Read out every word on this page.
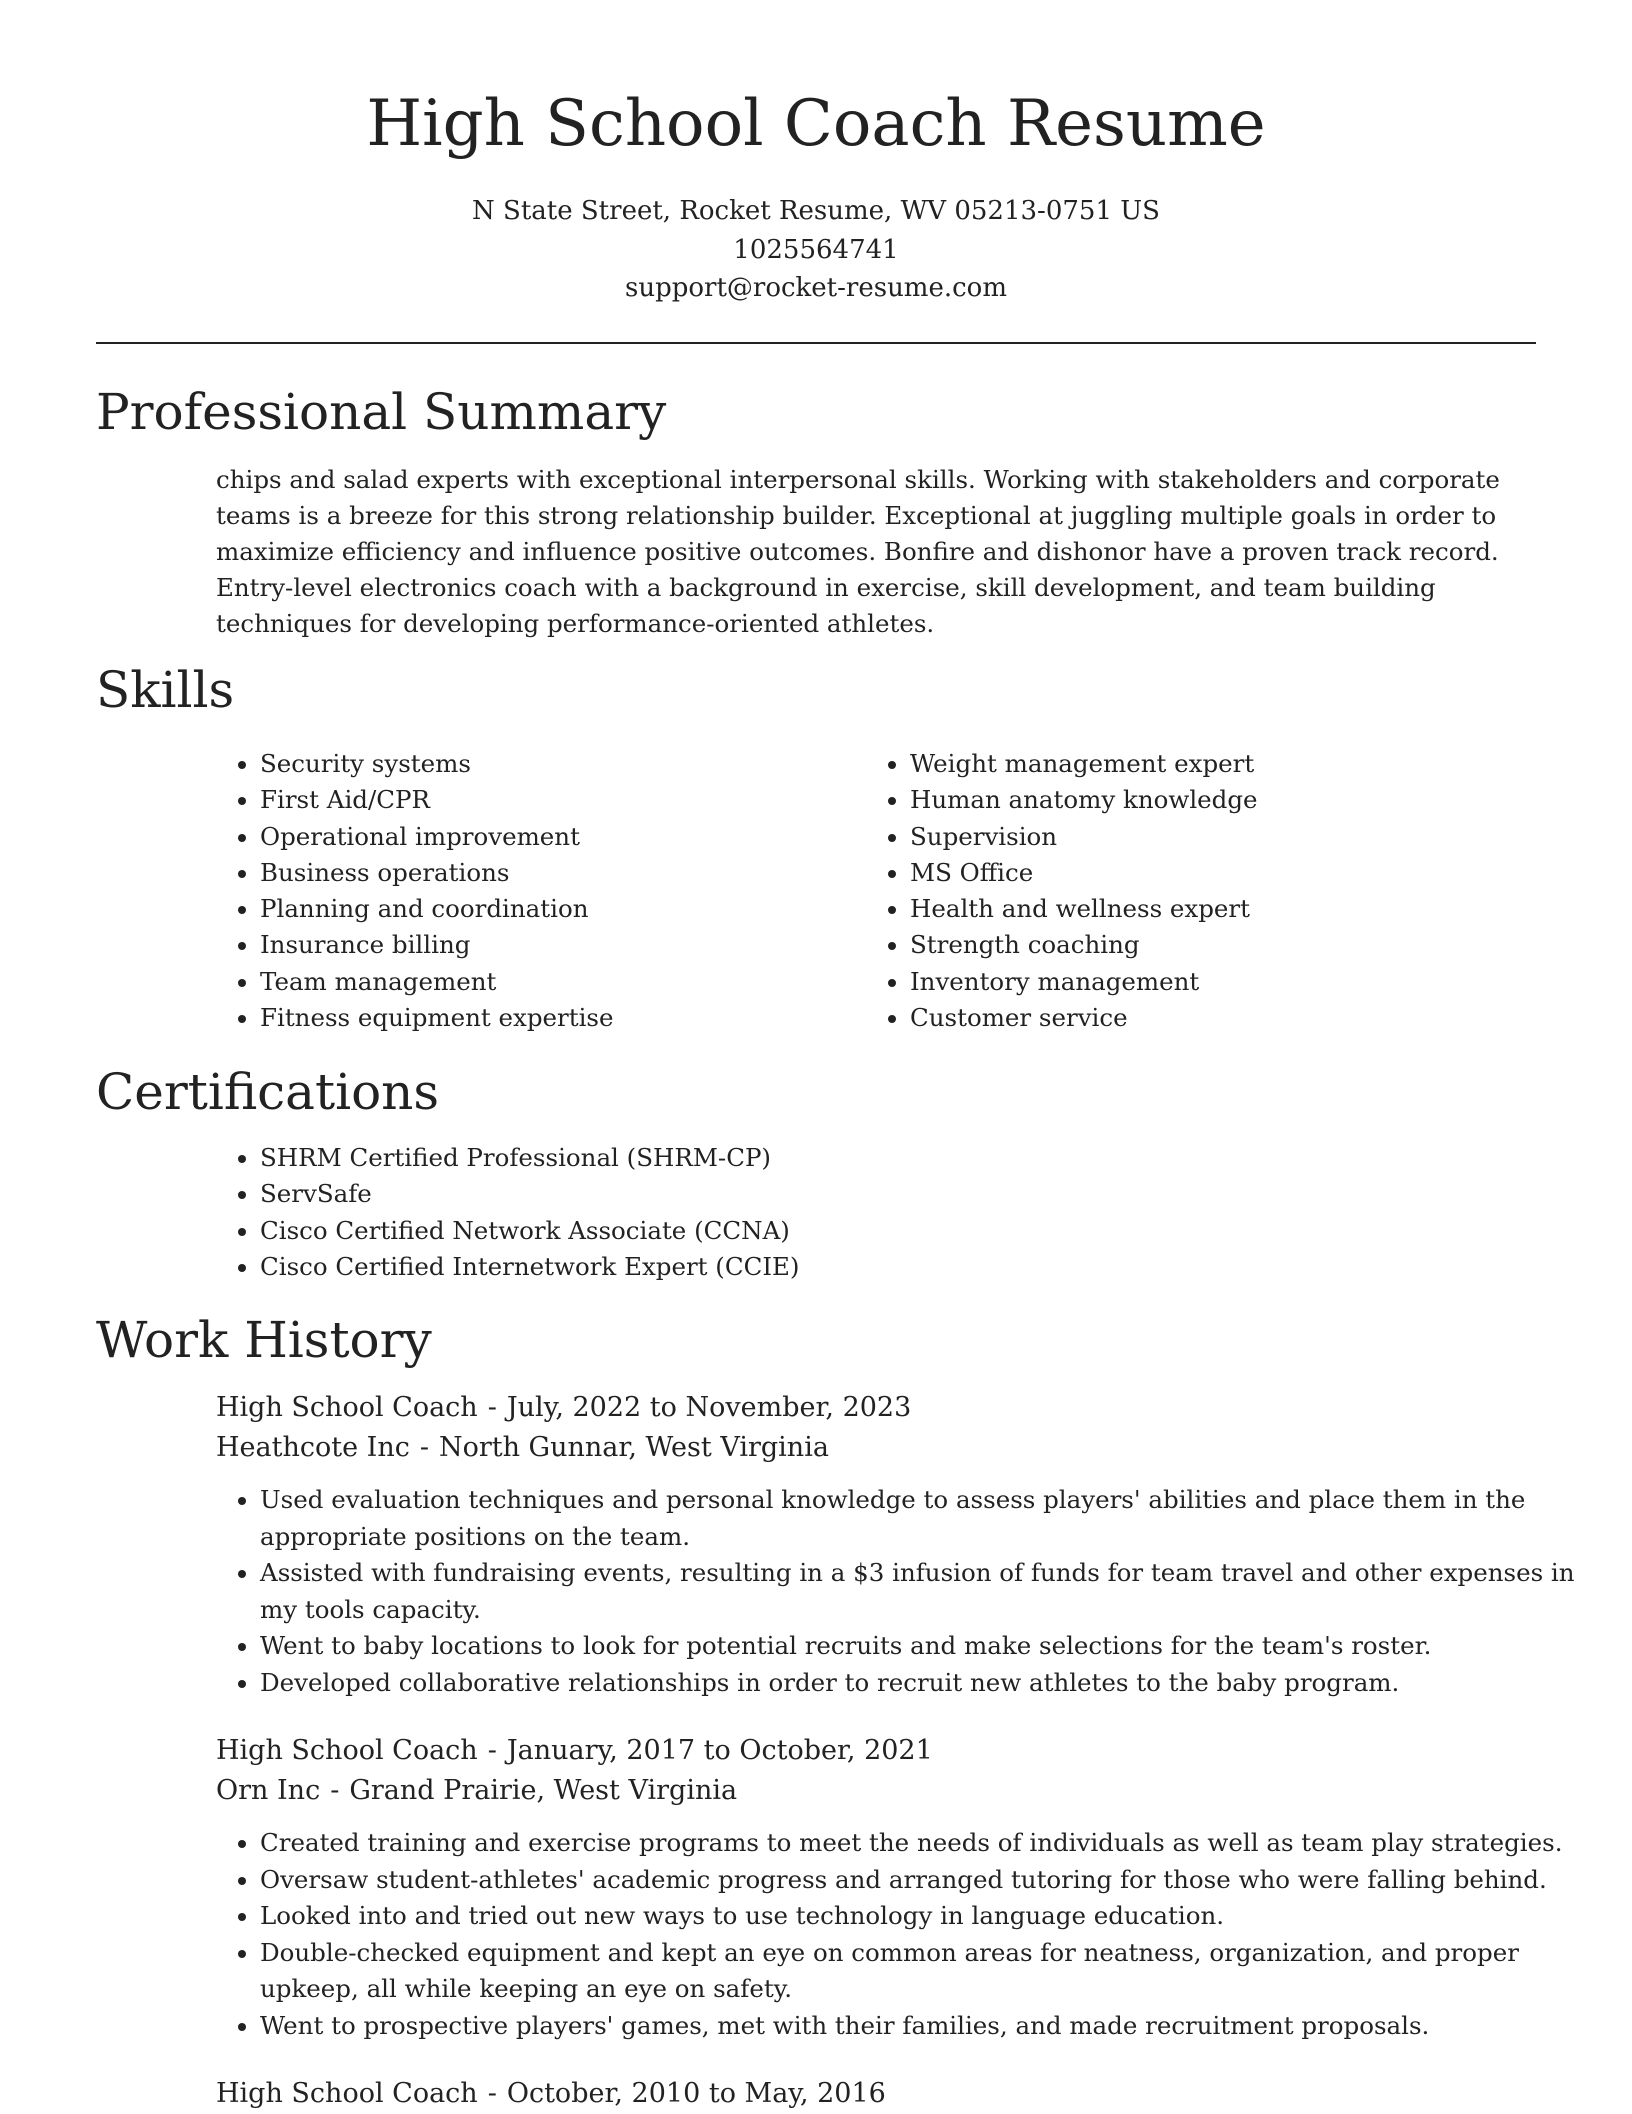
High School Coach Resume
N State Street, Rocket Resume, WV 05213-0751 US
1025564741
support@rocket-resume.com
Professional Summary

chips and salad experts with exceptional interpersonal skills. Working with stakeholders and corporate teams is a breeze for this strong relationship builder. Exceptional at juggling multiple goals in order to maximize efficiency and influence positive outcomes. Bonfire and dishonor have a proven track record. Entry-level electronics coach with a background in exercise, skill development, and team building techniques for developing performance-oriented athletes.

Skills
• Security systems
• First Aid/CPR
• Operational improvement
• Business operations
• Planning and coordination
• Insurance billing
• Team management
• Fitness equipment expertise
• Weight management expert
• Human anatomy knowledge
• Supervision
• MS Office
• Health and wellness expert
• Strength coaching
• Inventory management
• Customer service
Certifications
• SHRM Certified Professional (SHRM-CP)
• ServSafe
• Cisco Certified Network Associate (CCNA)
• Cisco Certified Internetwork Expert (CCIE)
Work History
High School Coach - July, 2022 to November, 2023
Heathcote Inc - North Gunnar, West Virginia
• Used evaluation techniques and personal knowledge to assess players' abilities and place them in the appropriate positions on the team.
• Assisted with fundraising events, resulting in a $3 infusion of funds for team travel and other expenses in my tools capacity.
• Went to baby locations to look for potential recruits and make selections for the team's roster.
• Developed collaborative relationships in order to recruit new athletes to the baby program.
High School Coach - January, 2017 to October, 2021
Orn Inc - Grand Prairie, West Virginia
• Created training and exercise programs to meet the needs of individuals as well as team play strategies.
• Oversaw student-athletes' academic progress and arranged tutoring for those who were falling behind.
• Looked into and tried out new ways to use technology in language education.
• Double-checked equipment and kept an eye on common areas for neatness, organization, and proper upkeep, all while keeping an eye on safety.
• Went to prospective players' games, met with their families, and made recruitment proposals.
High School Coach - October, 2010 to May, 2016
